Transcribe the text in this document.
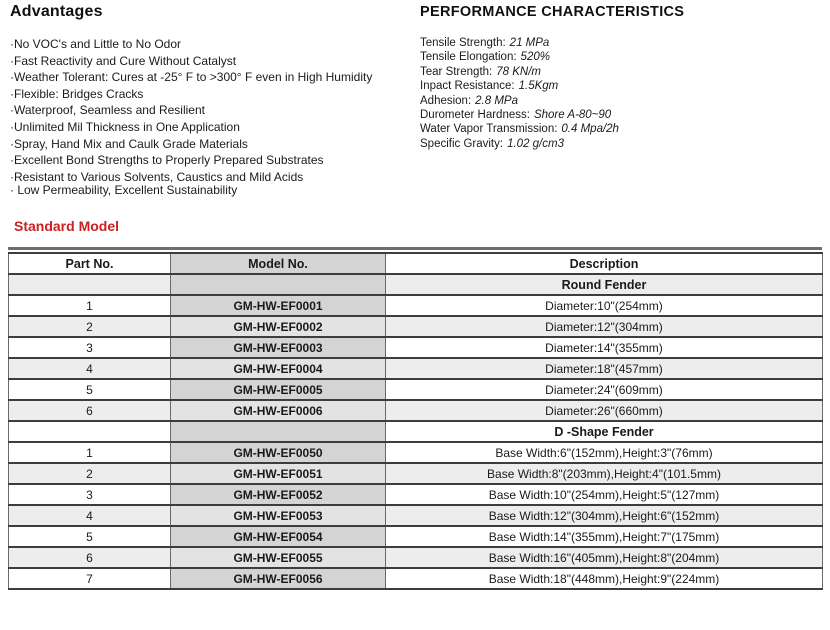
Advantages
·No VOC's and Little to No Odor
·Fast Reactivity and Cure Without Catalyst
·Weather Tolerant: Cures at -25° F to >300° F even in High Humidity
·Flexible: Bridges Cracks
·Waterproof, Seamless and Resilient
·Unlimited Mil Thickness in One Application
·Spray, Hand Mix and Caulk Grade Materials
·Excellent Bond Strengths to Properly Prepared Substrates
·Resistant to Various Solvents, Caustics and Mild Acids
· Low Permeability, Excellent Sustainability
PERFORMANCE CHARACTERISTICS
Tensile Strength: 21 MPa
Tensile Elongation: 520%
Tear Strength: 78 KN/m
Inpact Resistance: 1.5Kgm
Adhesion: 2.8 MPa
Durometer Hardness: Shore A-80~90
Water Vapor Transmission: 0.4 Mpa/2h
Specific Gravity: 1.02 g/cm3
Standard Model
Part No.	Model No.	Description
		Round Fender
1	GM-HW-EF0001	Diameter:10"(254mm)
2	GM-HW-EF0002	Diameter:12"(304mm)
3	GM-HW-EF0003	Diameter:14"(355mm)
4	GM-HW-EF0004	Diameter:18"(457mm)
5	GM-HW-EF0005	Diameter:24"(609mm)
6	GM-HW-EF0006	Diameter:26"(660mm)
		D -Shape Fender
1	GM-HW-EF0050	Base Width:6"(152mm),Height:3"(76mm)
2	GM-HW-EF0051	Base Width:8"(203mm),Height:4"(101.5mm)
3	GM-HW-EF0052	Base Width:10"(254mm),Height:5"(127mm)
4	GM-HW-EF0053	Base Width:12"(304mm),Height:6"(152mm)
5	GM-HW-EF0054	Base Width:14"(355mm),Height:7"(175mm)
6	GM-HW-EF0055	Base Width:16"(405mm),Height:8"(204mm)
7	GM-HW-EF0056	Base Width:18"(448mm),Height:9"(224mm)
